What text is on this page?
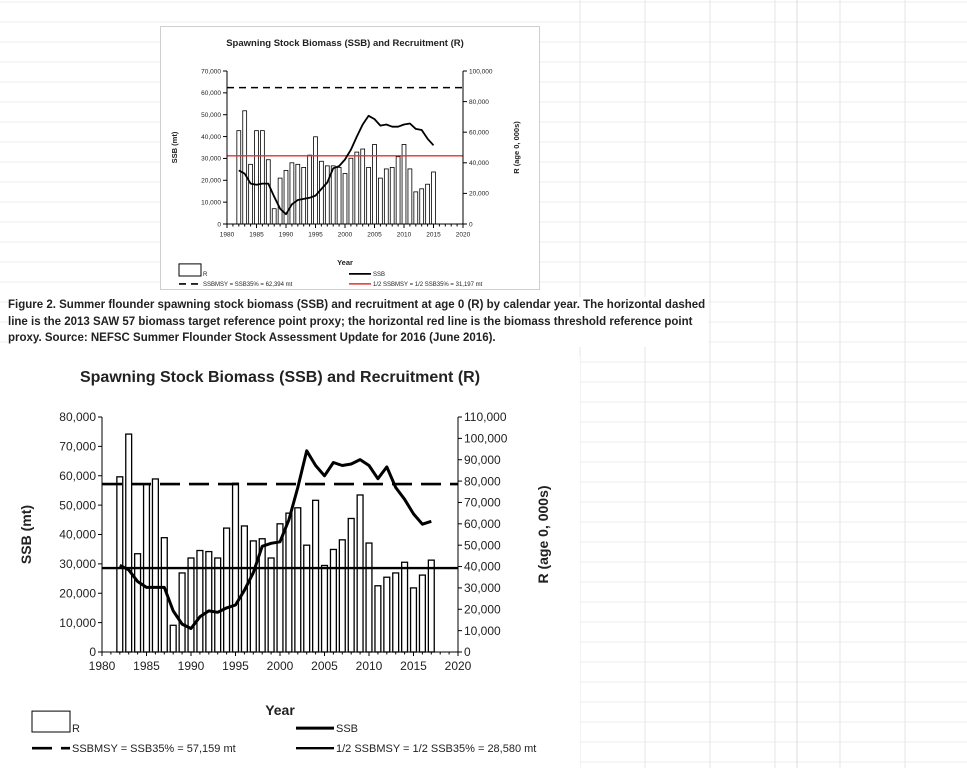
Spawning Stock Biomass (SSB) and Recruitment (R)
0
10,000
20,000
30,000
40,000
50,000
60,000
70,000
0
20,000
40,000
60,000
80,000
100,000
1980 1985 1990 1995 2000 2005 2010 2015 2020
Year
SSB (mt)	R (age 0, 000s)
R	SSB
SSBMSY = SSB35% = 62,394 mt	1/2 SSBMSY = 1/2 SSB35% = 31,197 mt
Figure 2. Summer flounder spawning stock biomass (SSB) and recruitment at age 0 (R) by calendar year. The horizontal dashed line is the 2013 SAW 57 biomass target reference point proxy; the horizontal red line is the biomass threshold reference point proxy. Source: NEFSC Summer Flounder Stock Assessment Update for 2016 (June 2016).
Spawning Stock Biomass (SSB) and Recruitment (R)
0
10,000
20,000
30,000
40,000
50,000
60,000
70,000
80,000
0
10,000
20,000
30,000
40,000
50,000
60,000
70,000
80,000
90,000
100,000
110,000
1980 1985 1990 1995 2000 2005 2010 2015 2020
Year
SSB (mt)	R (age 0, 000s)
R	SSB
SSBMSY = SSB35% = 57,159 mt	1/2 SSBMSY = 1/2 SSB35% = 28,580 mt
